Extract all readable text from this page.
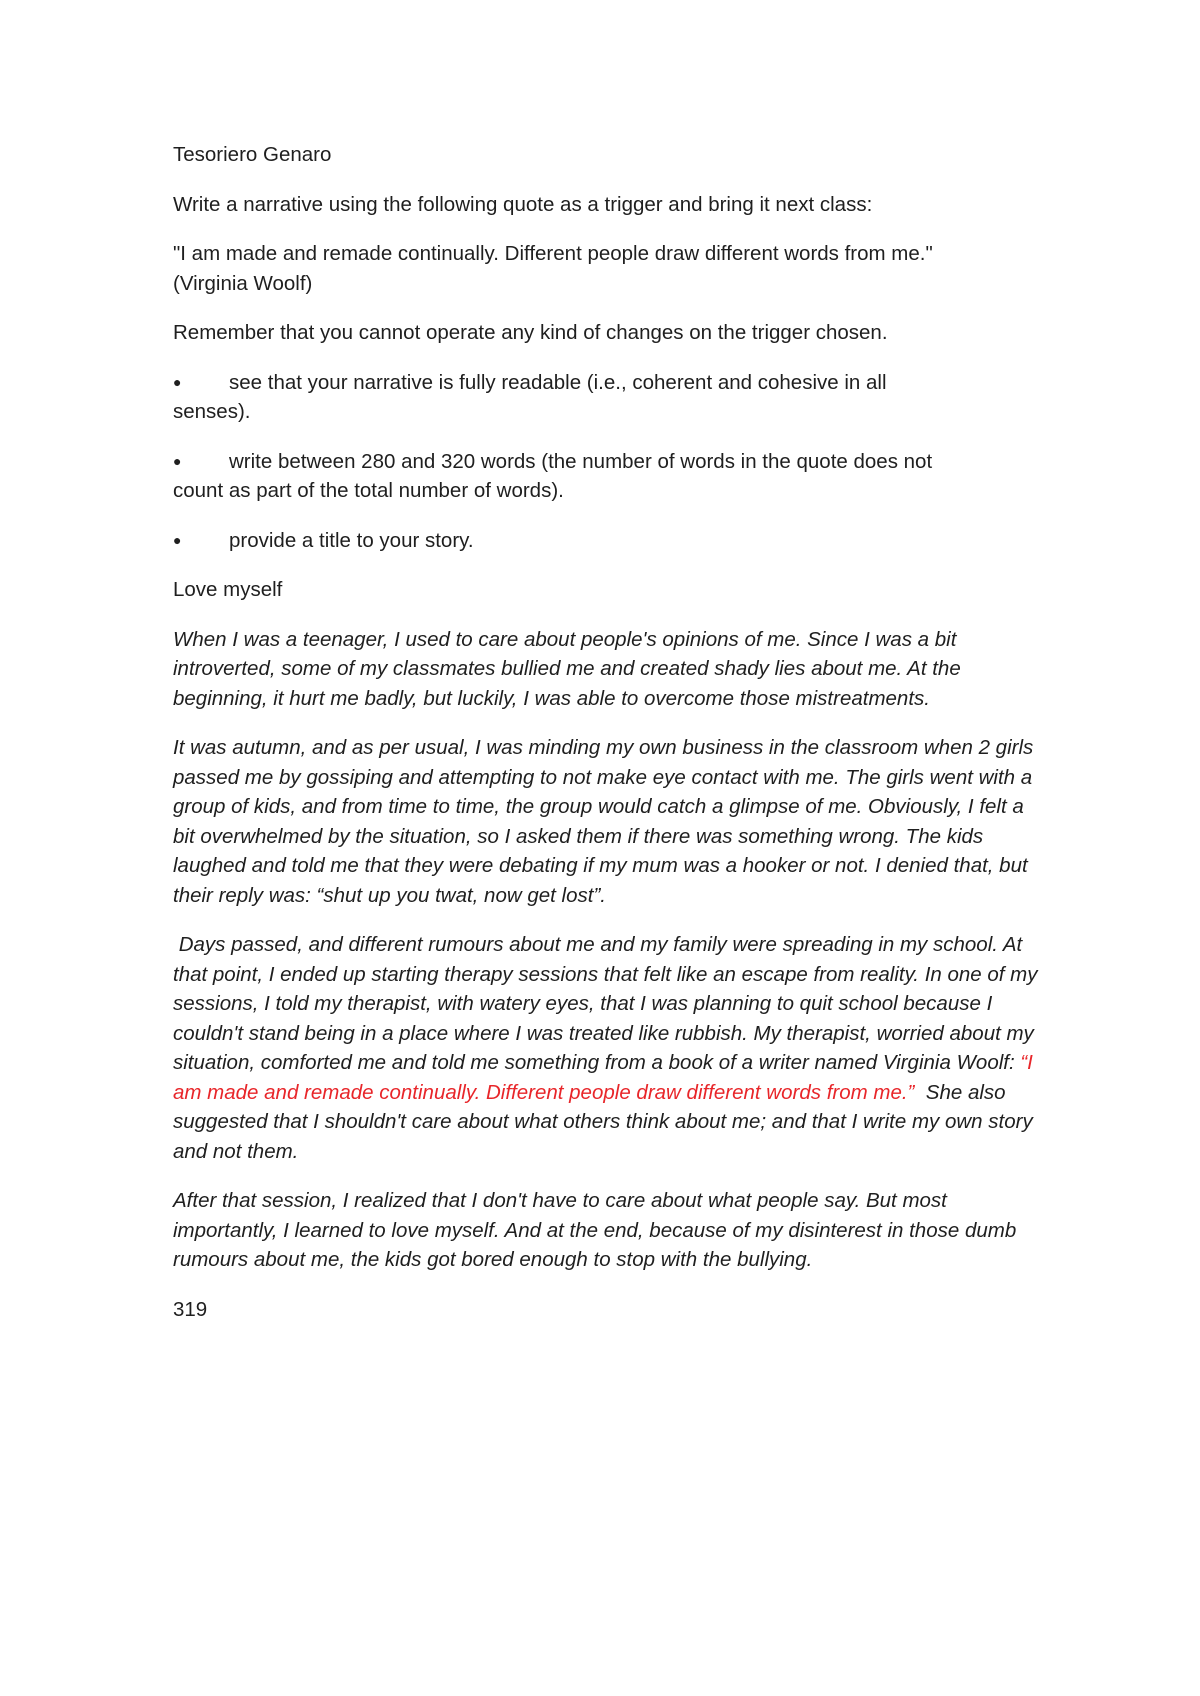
Tesoriero Genaro

Write a narrative using the following quote as a trigger and bring it next class:

"I am made and remade continually. Different people draw different words from me."
(Virginia Woolf)

Remember that you cannot operate any kind of changes on the trigger chosen.

● see that your narrative is fully readable (i.e., coherent and cohesive in all
senses).
● write between 280 and 320 words (the number of words in the quote does not
count as part of the total number of words).
● provide a title to your story.

Love myself

When I was a teenager, I used to care about people's opinions of me. Since I was a bit introverted, some of my classmates bullied me and created shady lies about me. At the beginning, it hurt me badly, but luckily, I was able to overcome those mistreatments.

It was autumn, and as per usual, I was minding my own business in the classroom when 2 girls passed me by gossiping and attempting to not make eye contact with me. The girls went with a group of kids, and from time to time, the group would catch a glimpse of me. Obviously, I felt a bit overwhelmed by the situation, so I asked them if there was something wrong. The kids laughed and told me that they were debating if my mum was a hooker or not. I denied that, but their reply was: “shut up you twat, now get lost”.

Days passed, and different rumours about me and my family were spreading in my school. At that point, I ended up starting therapy sessions that felt like an escape from reality. In one of my sessions, I told my therapist, with watery eyes, that I was planning to quit school because I couldn't stand being in a place where I was treated like rubbish. My therapist, worried about my situation, comforted me and told me something from a book of a writer named Virginia Woolf: “I am made and remade continually. Different people draw different words from me.”  She also suggested that I shouldn't care about what others think about me; and that I write my own story and not them.

After that session, I realized that I don't have to care about what people say. But most importantly, I learned to love myself. And at the end, because of my disinterest in those dumb rumours about me, the kids got bored enough to stop with the bullying.

319
